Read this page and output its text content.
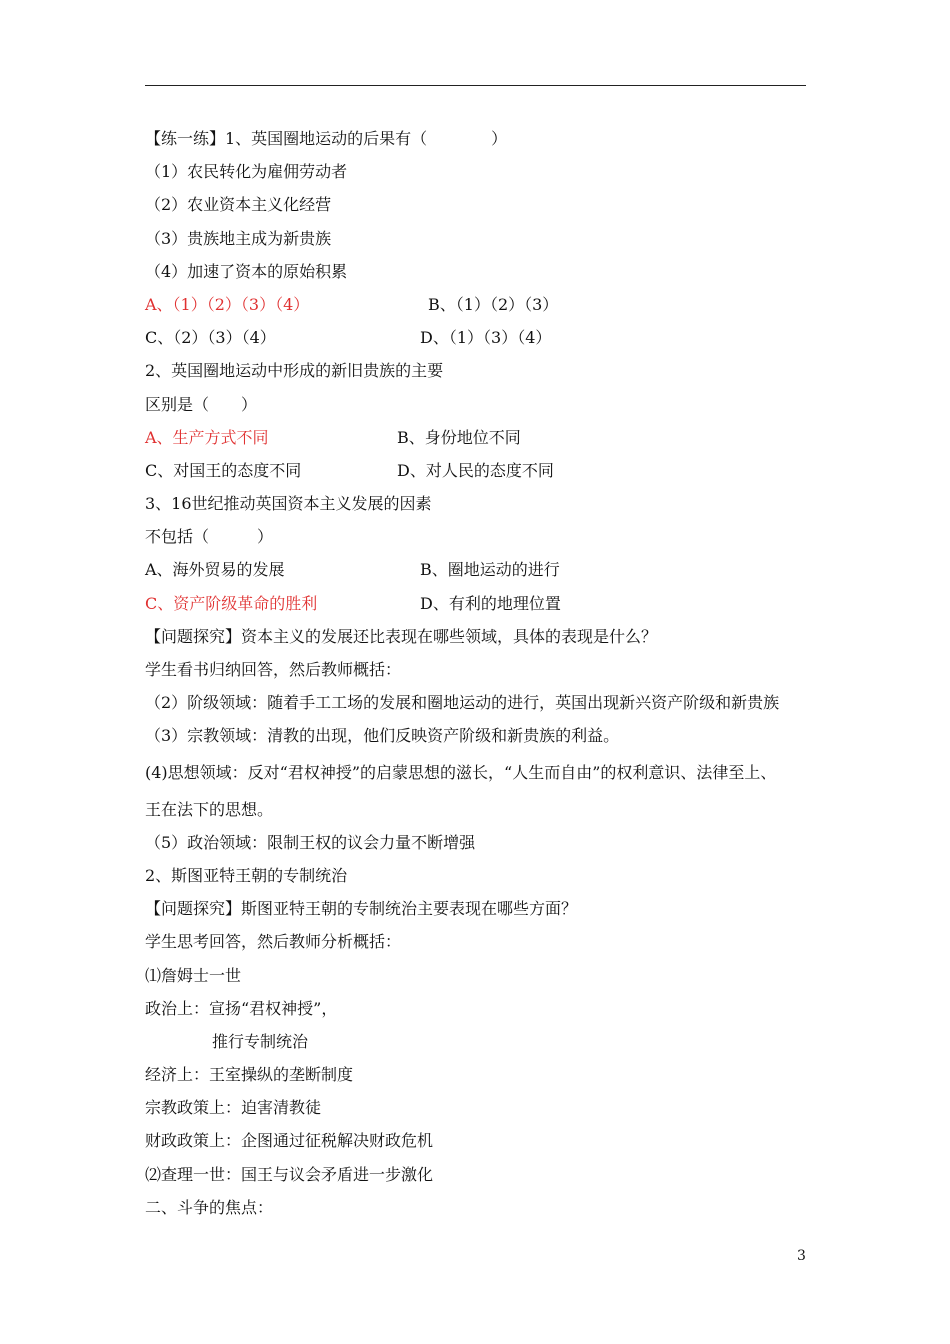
【练一练】1、英国圈地运动的后果有（　　　　）
（1）农民转化为雇佣劳动者
（2）农业资本主义化经营
（3）贵族地主成为新贵族
（4）加速了资本的原始积累
A、（1）（2）（3）（4）	B、（1）（2）（3）
C、（2）（3）（4）	D、（1）（3）（4）
2、英国圈地运动中形成的新旧贵族的主要
区别是（　　）
A、生产方式不同	B、身份地位不同
C、对国王的态度不同	D、对人民的态度不同
3、16世纪推动英国资本主义发展的因素
不包括（　　　）
A、海外贸易的发展	B、圈地运动的进行
C、资产阶级革命的胜利	D、有利的地理位置
【问题探究】资本主义的发展还比表现在哪些领域，具体的表现是什么？
学生看书归纳回答，然后教师概括：
（2）阶级领域：随着手工工场的发展和圈地运动的进行，英国出现新兴资产阶级和新贵族
（3）宗教领域：清教的出现，他们反映资产阶级和新贵族的利益。
(4)思想领域：反对“君权神授”的启蒙思想的滋长，“人生而自由”的权利意识、法律至上、
王在法下的思想。
（5）政治领域：限制王权的议会力量不断增强
2、斯图亚特王朝的专制统治
【问题探究】斯图亚特王朝的专制统治主要表现在哪些方面？
学生思考回答，然后教师分析概括：
⑴詹姆士一世
政治上：宣扬“君权神授”，
推行专制统治
经济上：王室操纵的垄断制度
宗教政策上：迫害清教徒
财政政策上：企图通过征税解决财政危机
⑵查理一世：国王与议会矛盾进一步激化
二、斗争的焦点：
3
